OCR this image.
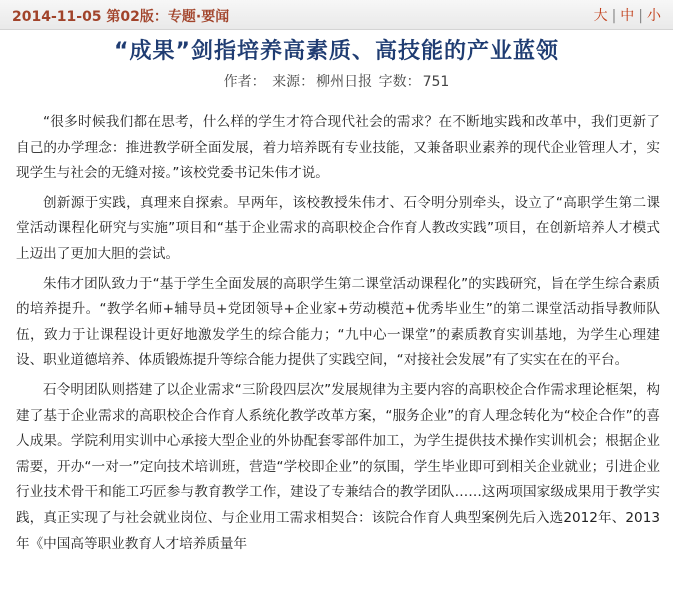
2014-11-05 第02版：专题·要闻	大 | 中 | 小
“成果”剑指培养高素质、高技能的产业蓝领
作者： 来源： 柳州日报 字数： 751

“很多时候我们都在思考，什么样的学生才符合现代社会的需求？在不断地实践和改革中，我们更新了自己的办学理念：推进教学研全面发展，着力培养既有专业技能，又兼备职业素养的现代企业管理人才，实现学生与社会的无缝对接。”该校党委书记朱伟才说。

创新源于实践，真理来自探索。早两年，该校教授朱伟才、石令明分别牵头，设立了“高职学生第二课堂活动课程化研究与实施”项目和“基于企业需求的高职校企合作育人教改实践”项目，在创新培养人才模式上迈出了更加大胆的尝试。

朱伟才团队致力于“基于学生全面发展的高职学生第二课堂活动课程化”的实践研究，旨在学生综合素质的培养提升。“教学名师+辅导员+党团领导+企业家+劳动模范+优秀毕业生”的第二课堂活动指导教师队伍，致力于让课程设计更好地激发学生的综合能力；“九中心一课堂”的素质教育实训基地，为学生心理建设、职业道德培养、体质锻炼提升等综合能力提供了实践空间，“对接社会发展”有了实实在在的平台。

石令明团队则搭建了以企业需求“三阶段四层次”发展规律为主要内容的高职校企合作需求理论框架，构建了基于企业需求的高职校企合作育人系统化教学改革方案，“服务企业”的育人理念转化为“校企合作”的喜人成果。学院利用实训中心承接大型企业的外协配套零部件加工，为学生提供技术操作实训机会；根据企业需要，开办“一对一”定向技术培训班，营造“学校即企业”的氛围，学生毕业即可到相关企业就业；引进企业行业技术骨干和能工巧匠参与教育教学工作，建设了专兼结合的教学团队……这两项国家级成果用于教学实践，真正实现了与社会就业岗位、与企业用工需求相契合：该院合作育人典型案例先后入选2012年、2013年《中国高等职业教育人才培养质量年
